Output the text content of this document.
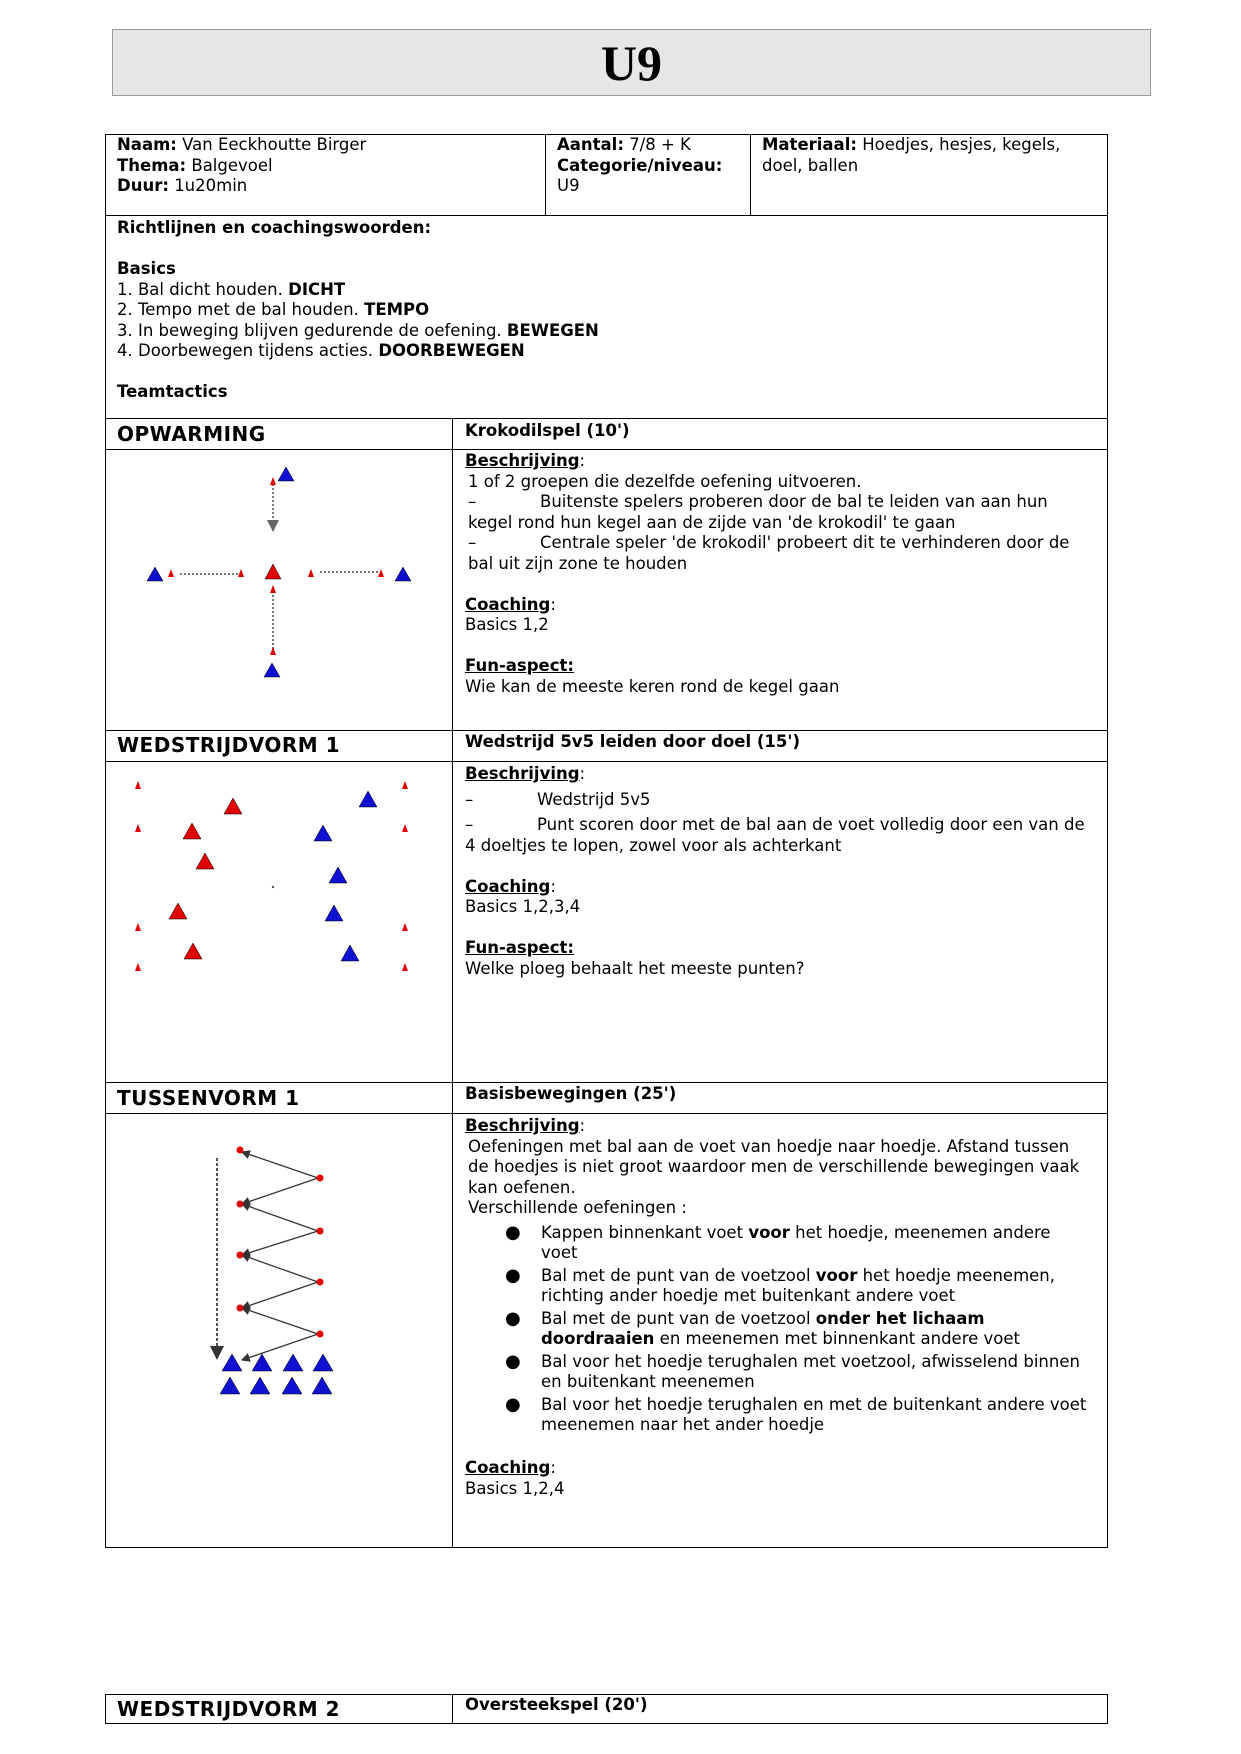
U9
Naam: Van Eeckhoutte Birger
Thema: Balgevoel
Duur: 1u20min
Aantal: 7/8 + K
Categorie/niveau:
U9
Materiaal: Hoedjes, hesjes, kegels,
doel, ballen
Richtlijnen en coachingswoorden:
Basics
1. Bal dicht houden. DICHT
2. Tempo met de bal houden. TEMPO
3. In beweging blijven gedurende de oefening. BEWEGEN
4. Doorbewegen tijdens acties. DOORBEWEGEN
Teamtactics
OPWARMING	Krokodilspel (10')
Beschrijving:
1 of 2 groepen die dezelfde oefening uitvoeren.
–	Buitenste spelers proberen door de bal te leiden van aan hun
kegel rond hun kegel aan de zijde van 'de krokodil' te gaan
–	Centrale speler 'de krokodil' probeert dit te verhinderen door de
bal uit zijn zone te houden
Coaching:
Basics 1,2
Fun-aspect:
Wie kan de meeste keren rond de kegel gaan
WEDSTRIJDVORM 1	Wedstrijd 5v5 leiden door doel (15')
Beschrijving:
–	Wedstrijd 5v5
–	Punt scoren door met de bal aan de voet volledig door een van de
4 doeltjes te lopen, zowel voor als achterkant
Coaching:
Basics 1,2,3,4
Fun-aspect:
Welke ploeg behaalt het meeste punten?
TUSSENVORM 1	Basisbewegingen (25')
Beschrijving:
Oefeningen met bal aan de voet van hoedje naar hoedje. Afstand tussen
de hoedjes is niet groot waardoor men de verschillende bewegingen vaak
kan oefenen.
Verschillende oefeningen :
● Kappen binnenkant voet voor het hoedje, meenemen andere
voet
● Bal met de punt van de voetzool voor het hoedje meenemen,
richting ander hoedje met buitenkant andere voet
● Bal met de punt van de voetzool onder het lichaam
doordraaien en meenemen met binnenkant andere voet
● Bal voor het hoedje terughalen met voetzool, afwisselend binnen
en buitenkant meenemen
● Bal voor het hoedje terughalen en met de buitenkant andere voet
meenemen naar het ander hoedje
Coaching:
Basics 1,2,4
WEDSTRIJDVORM 2	Oversteekspel (20')
